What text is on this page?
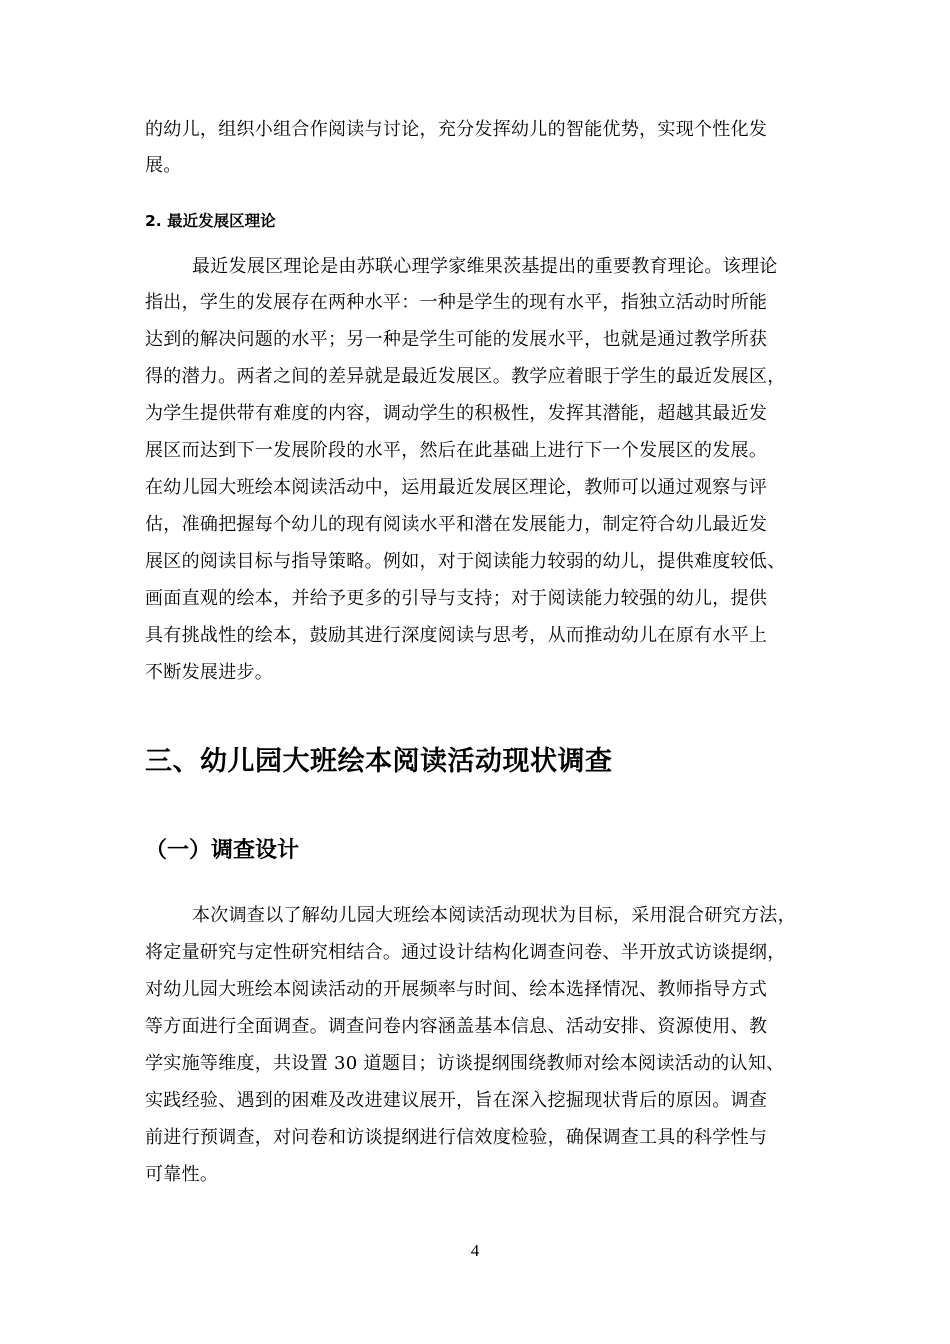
的幼儿，组织小组合作阅读与讨论，充分发挥幼儿的智能优势，实现个性化发
展。
2. 最近发展区理论
最近发展区理论是由苏联心理学家维果茨基提出的重要教育理论。该理论
指出，学生的发展存在两种水平：一种是学生的现有水平，指独立活动时所能
达到的解决问题的水平；另一种是学生可能的发展水平，也就是通过教学所获
得的潜力。两者之间的差异就是最近发展区。教学应着眼于学生的最近发展区，
为学生提供带有难度的内容，调动学生的积极性，发挥其潜能，超越其最近发
展区而达到下一发展阶段的水平，然后在此基础上进行下一个发展区的发展。
在幼儿园大班绘本阅读活动中，运用最近发展区理论，教师可以通过观察与评
估，准确把握每个幼儿的现有阅读水平和潜在发展能力，制定符合幼儿最近发
展区的阅读目标与指导策略。例如，对于阅读能力较弱的幼儿，提供难度较低、
画面直观的绘本，并给予更多的引导与支持；对于阅读能力较强的幼儿，提供
具有挑战性的绘本，鼓励其进行深度阅读与思考，从而推动幼儿在原有水平上
不断发展进步。
三、幼儿园大班绘本阅读活动现状调查
（一）调查设计
本次调查以了解幼儿园大班绘本阅读活动现状为目标，采用混合研究方法，
将定量研究与定性研究相结合。通过设计结构化调查问卷、半开放式访谈提纲，
对幼儿园大班绘本阅读活动的开展频率与时间、绘本选择情况、教师指导方式
等方面进行全面调查。调查问卷内容涵盖基本信息、活动安排、资源使用、教
学实施等维度，共设置 30 道题目；访谈提纲围绕教师对绘本阅读活动的认知、
实践经验、遇到的困难及改进建议展开，旨在深入挖掘现状背后的原因。调查
前进行预调查，对问卷和访谈提纲进行信效度检验，确保调查工具的科学性与
可靠性。
4
